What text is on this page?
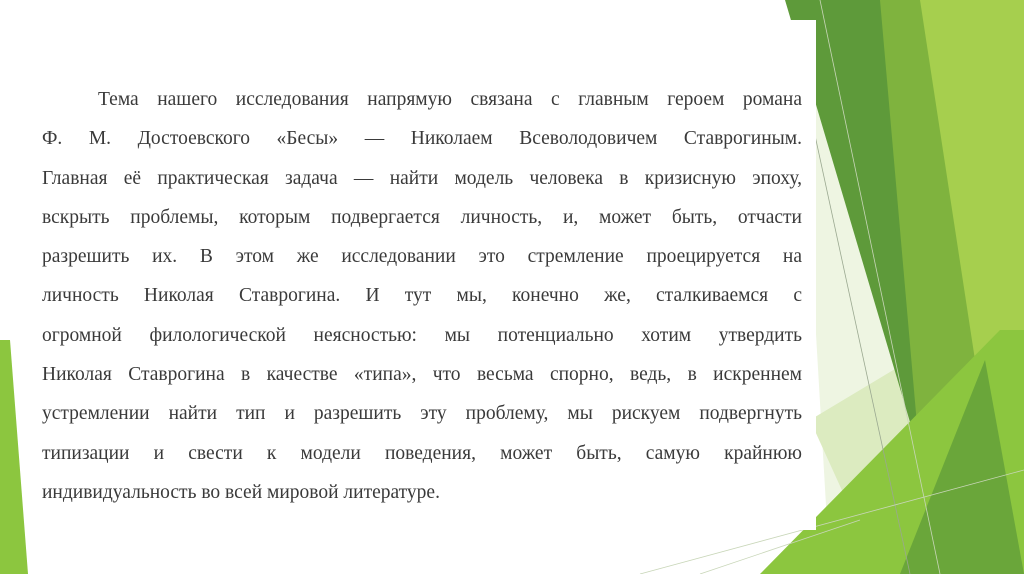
Тема нашего исследования напрямую связана с главным героем романа
Ф. М. Достоевского «Бесы» — Николаем Всеволодовичем Ставрогиным.
Главная её практическая задача — найти модель человека в кризисную эпоху,
вскрыть проблемы, которым подвергается личность, и, может быть, отчасти
разрешить их. В этом же исследовании это стремление проецируется на
личность Николая Ставрогина. И тут мы, конечно же, сталкиваемся с
огромной филологической неясностью: мы потенциально хотим утвердить
Николая Ставрогина в качестве «типа», что весьма спорно, ведь, в искреннем
устремлении найти тип и разрешить эту проблему, мы рискуем подвергнуть
типизации и свести к модели поведения, может быть, самую крайнюю
индивидуальность во всей мировой литературе.
